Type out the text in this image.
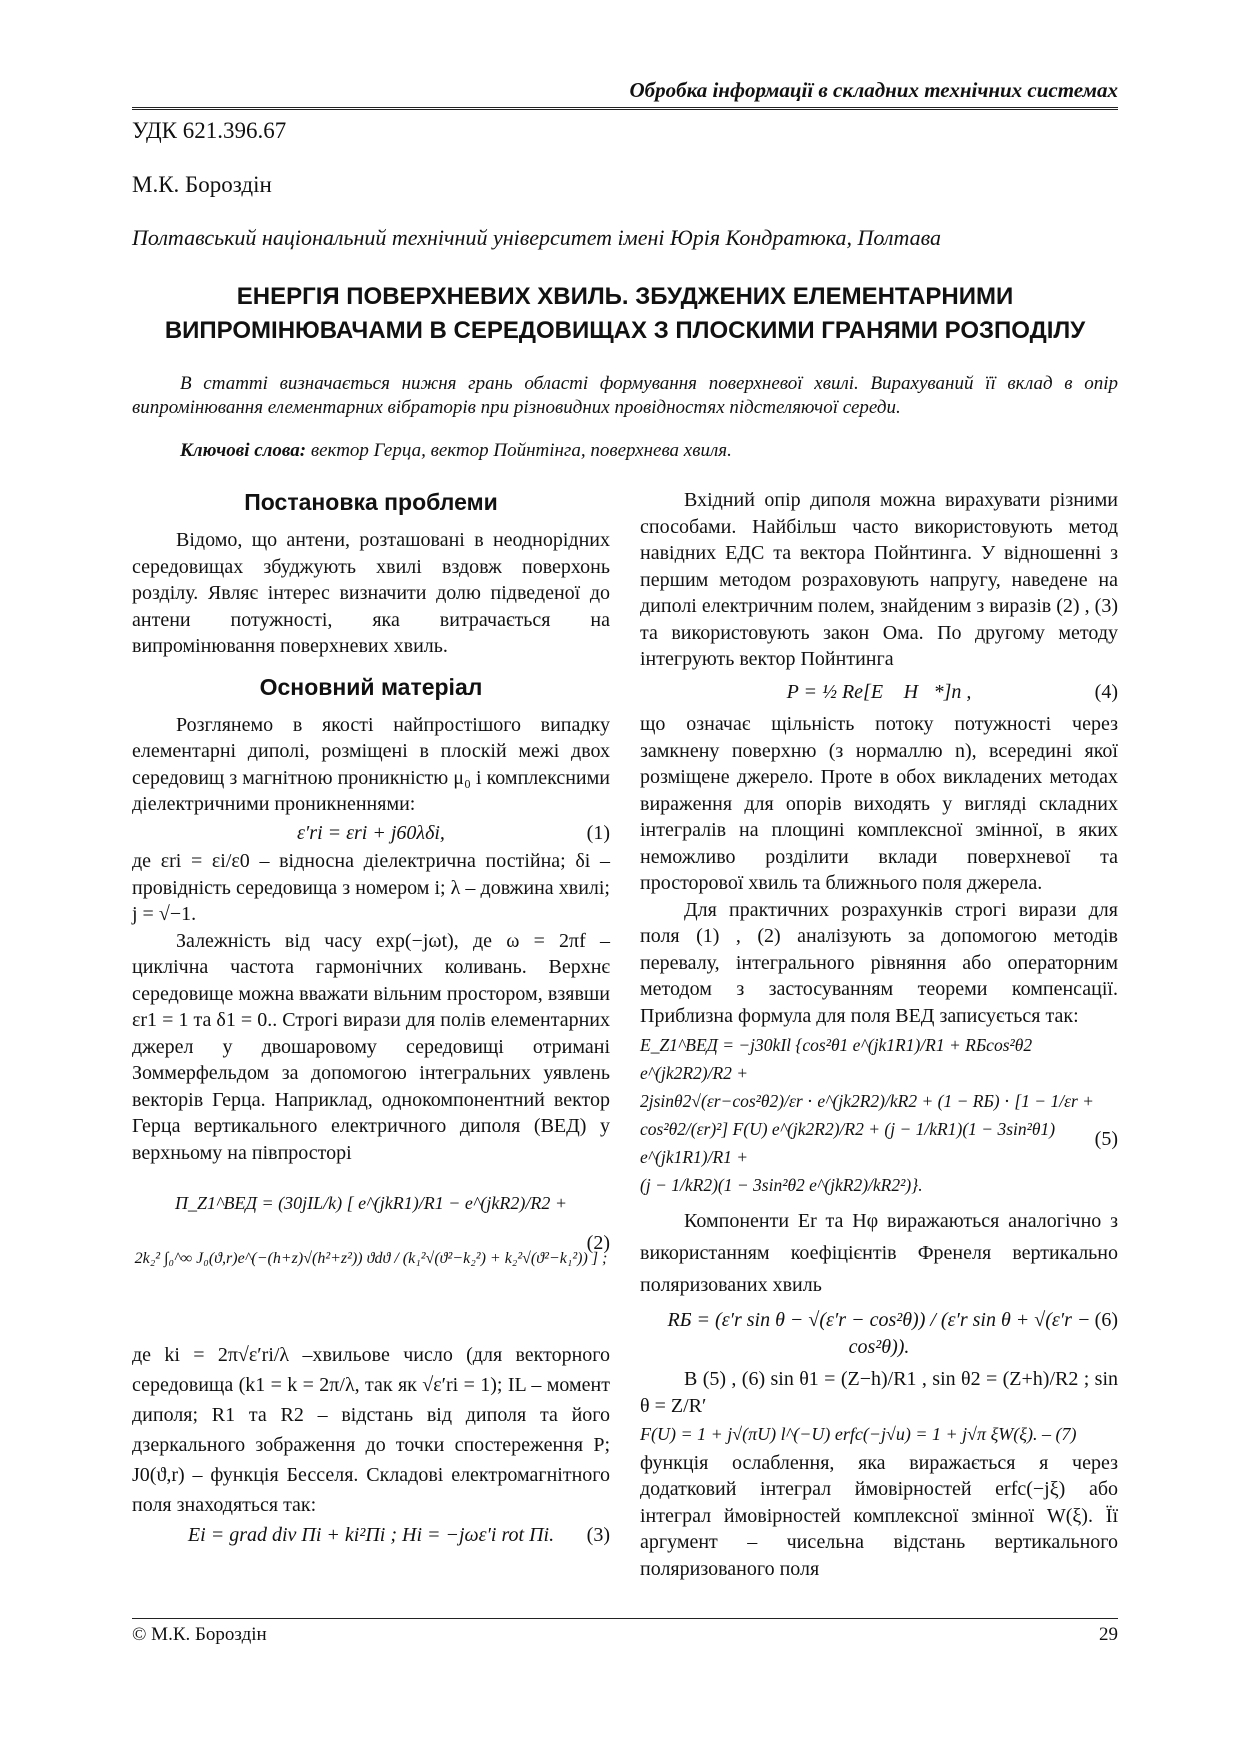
Обробка інформації в складних технічних системах
УДК 621.396.67
М.К. Бороздін
Полтавський національний технічний університет імені Юрія Кондратюка, Полтава
ЕНЕРГІЯ ПОВЕРХНЕВИХ ХВИЛЬ. ЗБУДЖЕНИХ ЕЛЕМЕНТАРНИМИ
ВИПРОМІНЮВАЧАМИ В СЕРЕДОВИЩАХ З ПЛОСКИМИ ГРАНЯМИ РОЗПОДІЛУ
В статті визначається нижня грань області формування поверхневої хвилі. Вирахуваний її вклад в опір випромінювання елементарних вібраторів при різновидних провідностях підстеляючої середи.
Ключові слова: вектор Герца, вектор Пойнтінга, поверхнева хвиля.
Постановка проблеми

Відомо, що антени, розташовані в неоднорідних середовищах збуджують хвилі вздовж поверхонь розділу. Являє інтерес визначити долю підведеної до антени потужності, яка витрачається на випромінювання поверхневих хвиль.

Основний матеріал

Розглянемо в якості найпростішого випадку елементарні диполі, розміщені в плоскій межі двох середовищ з магнітною проникністю μ₀ і комплексними діелектричними проникненнями:

ε′ri = εri + j60λδi,	(1)

де εri = εi/ε0 – відносна діелектрична постійна; δi – провідність середовища з номером i; λ – довжина хвилі; j = √−1.

Залежність від часу exp(−jωt), де ω = 2πf – циклічна частота гармонічних коливань. Верхнє середовище можна вважати вільним простором, взявши εr1 = 1 та δ1 = 0.. Строгі вирази для полів елементарних джерел у двошаровому середовищі отримані Зоммерфельдом за допомогою інтегральних уявлень векторів Герца. Наприклад, однокомпонентний вектор Герца вертикального електричного диполя (ВЕД) у верхньому на півпросторі

Π_Z1^ВЕД = (30jIL/k) [ e^(jkR1)/R1 − e^(jkR2)/R2 +
2k₂² ∫₀^∞ J₀(ϑ,r)e^(−(h+z)√(h²+z²)) ϑdϑ / (k₁²√(ϑ²−k₂²) + k₂²√(ϑ²−k₁²)) ] ;
(2)

де ki = 2π√ε′ri/λ –хвильове число (для векторного середовища (k1 = k = 2π/λ, так як √ε′ri = 1); IL – момент диполя; R1 та R2 – відстань від диполя та його дзеркального зображення до точки спостереження P; J0(ϑ,r) – функція Бесселя. Складові електромагнітного поля знаходяться так:

Ei = grad div Πi + ki²Πi ; Hi = −jωε′i rot Πi. (3)

Вхідний опір диполя можна вирахувати різними способами. Найбільш часто використовують метод навідних ЕДС та вектора Пойнтинга. У відношенні з першим методом розраховують напругу, наведене на диполі електричним полем, знайденим з виразів (2) , (3) та використовують закон Ома. По другому методу інтегрують вектор Пойнтинга

P = ½ Re[E⃗ H⃗*]n ,	(4)

що означає щільність потоку потужності через замкнену поверхню (з нормаллю n), всередині якої розміщене джерело. Проте в обох викладених методах вираження для опорів виходять у вигляді складних інтегралів на площині комплексної змінної, в яких неможливо розділити вклади поверхневої та просторової хвиль та ближнього поля джерела.

Для практичних розрахунків строгі вирази для поля (1) , (2) аналізують за допомогою методів перевалу, інтегрального рівняння або операторним методом з застосуванням теореми компенсації. Приблизна формула для поля ВЕД записується так:

E_Z1^ВЕД = −j30kIl {cos²θ1 e^(jk1R1)/R1 + RБcos²θ2 e^(jk2R2)/R2 +
2jsinθ2√(εr−cos²θ2)/εr ⋅ e^(jk2R2)/kR2 + (1 − RБ) ⋅ [1 − 1/εr +
cos²θ2/(εr)²] F(U) e^(jk2R2)/R2 + (j − 1/kR1)(1 − 3sin²θ1) e^(jk1R1)/R1 +
(j − 1/kR2)(1 − 3sin²θ2 e^(jkR2)/kR2²)}.
(5)

Компоненти Er та Hφ виражаються аналогічно з використанням коефіцієнтів Френеля вертикально поляризованих хвиль

RБ = (ε′r sin θ − √(ε′r − cos²θ)) / (ε′r sin θ + √(ε′r − cos²θ)).
(6)

В (5) , (6) sin θ1 = (Z−h)/R1 , sin θ2 = (Z+h)/R2 ; sin θ = Z/R′

F(U) = 1 + j√(πU) l^(−U) erfc(−j√u) = 1 + j√π ξW(ξ). – (7)

функція ослаблення, яка виражається я через додатковий інтеграл ймовірностей erfc(−jξ) або інтеграл ймовірностей комплексної змінної W(ξ). Її аргумент – чисельна відстань вертикального поляризованого поля

© М.К. Бороздін	29
